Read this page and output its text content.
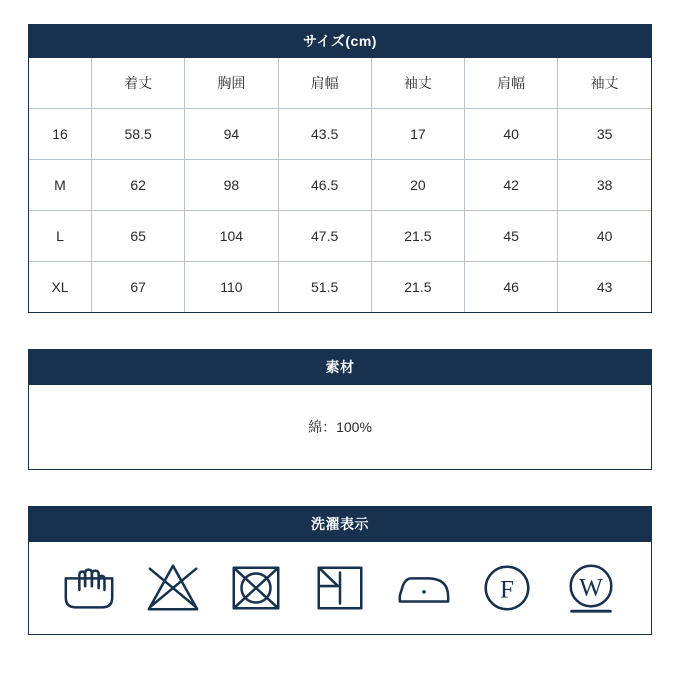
サイズ(cm)
	着丈	胸囲	肩幅	袖丈	肩幅	袖丈
16	58.5	94	43.5	17	40	35
M	62	98	46.5	20	42	38
L	65	104	47.5	21.5	45	40
XL	67	110	51.5	21.5	46	43
素材
綿：100%
洗濯表示
F W
